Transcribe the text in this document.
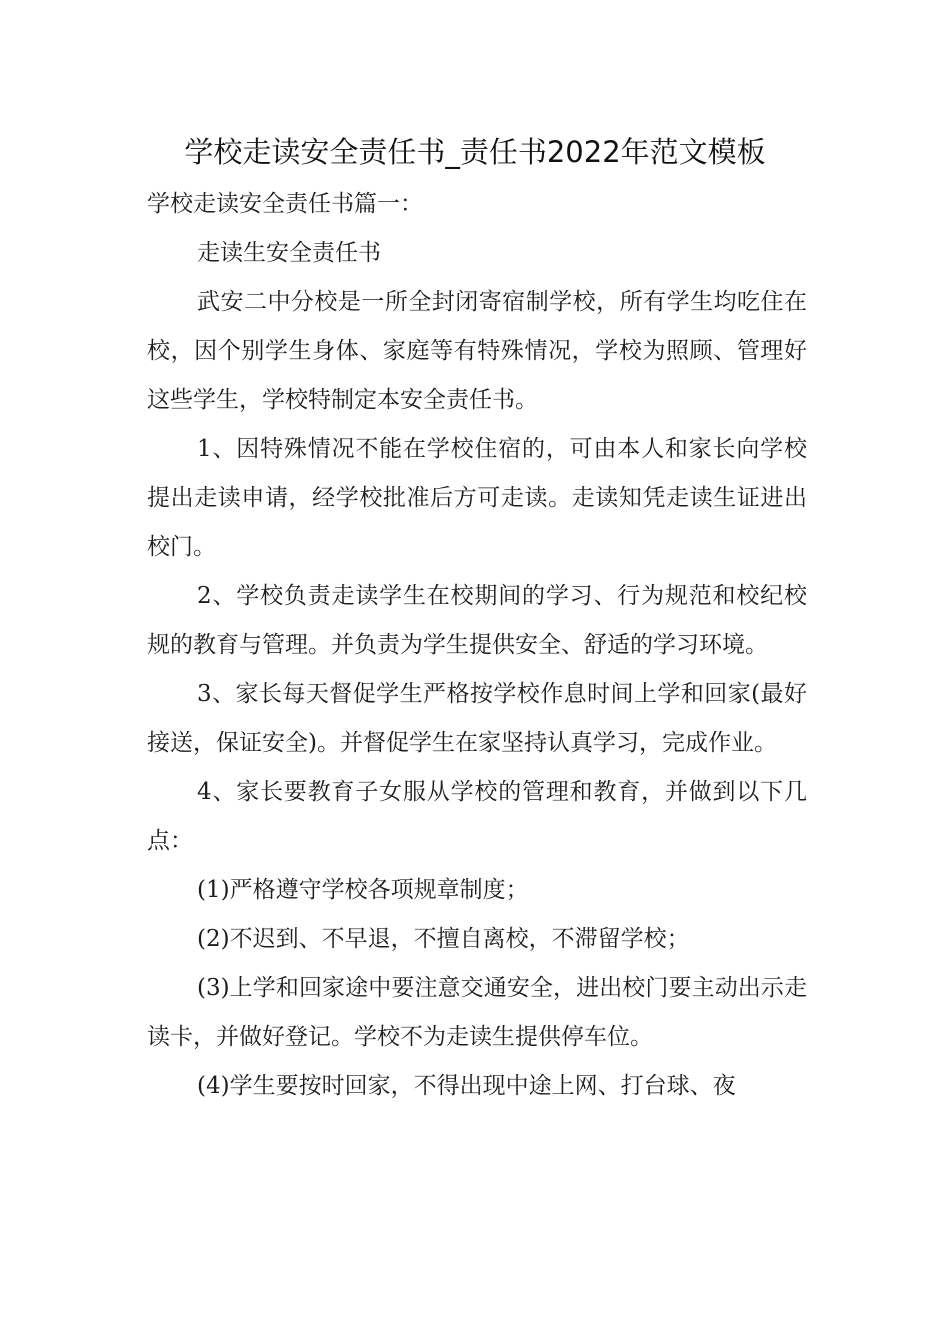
学校走读安全责任书_责任书2022年范文模板

学校走读安全责任书篇一：

走读生安全责任书

武安二中分校是一所全封闭寄宿制学校，所有学生均吃住在校，因个别学生身体、家庭等有特殊情况，学校为照顾、管理好这些学生，学校特制定本安全责任书。

1、因特殊情况不能在学校住宿的，可由本人和家长向学校提出走读申请，经学校批准后方可走读。走读知凭走读生证进出校门。

2、学校负责走读学生在校期间的学习、行为规范和校纪校规的教育与管理。并负责为学生提供安全、舒适的学习环境。

3、家长每天督促学生严格按学校作息时间上学和回家(最好接送，保证安全)。并督促学生在家坚持认真学习，完成作业。

4、家长要教育子女服从学校的管理和教育，并做到以下几点：

(1)严格遵守学校各项规章制度；

(2)不迟到、不早退，不擅自离校，不滞留学校；

(3)上学和回家途中要注意交通安全，进出校门要主动出示走读卡，并做好登记。学校不为走读生提供停车位。

(4)学生要按时回家，不得出现中途上网、打台球、夜
